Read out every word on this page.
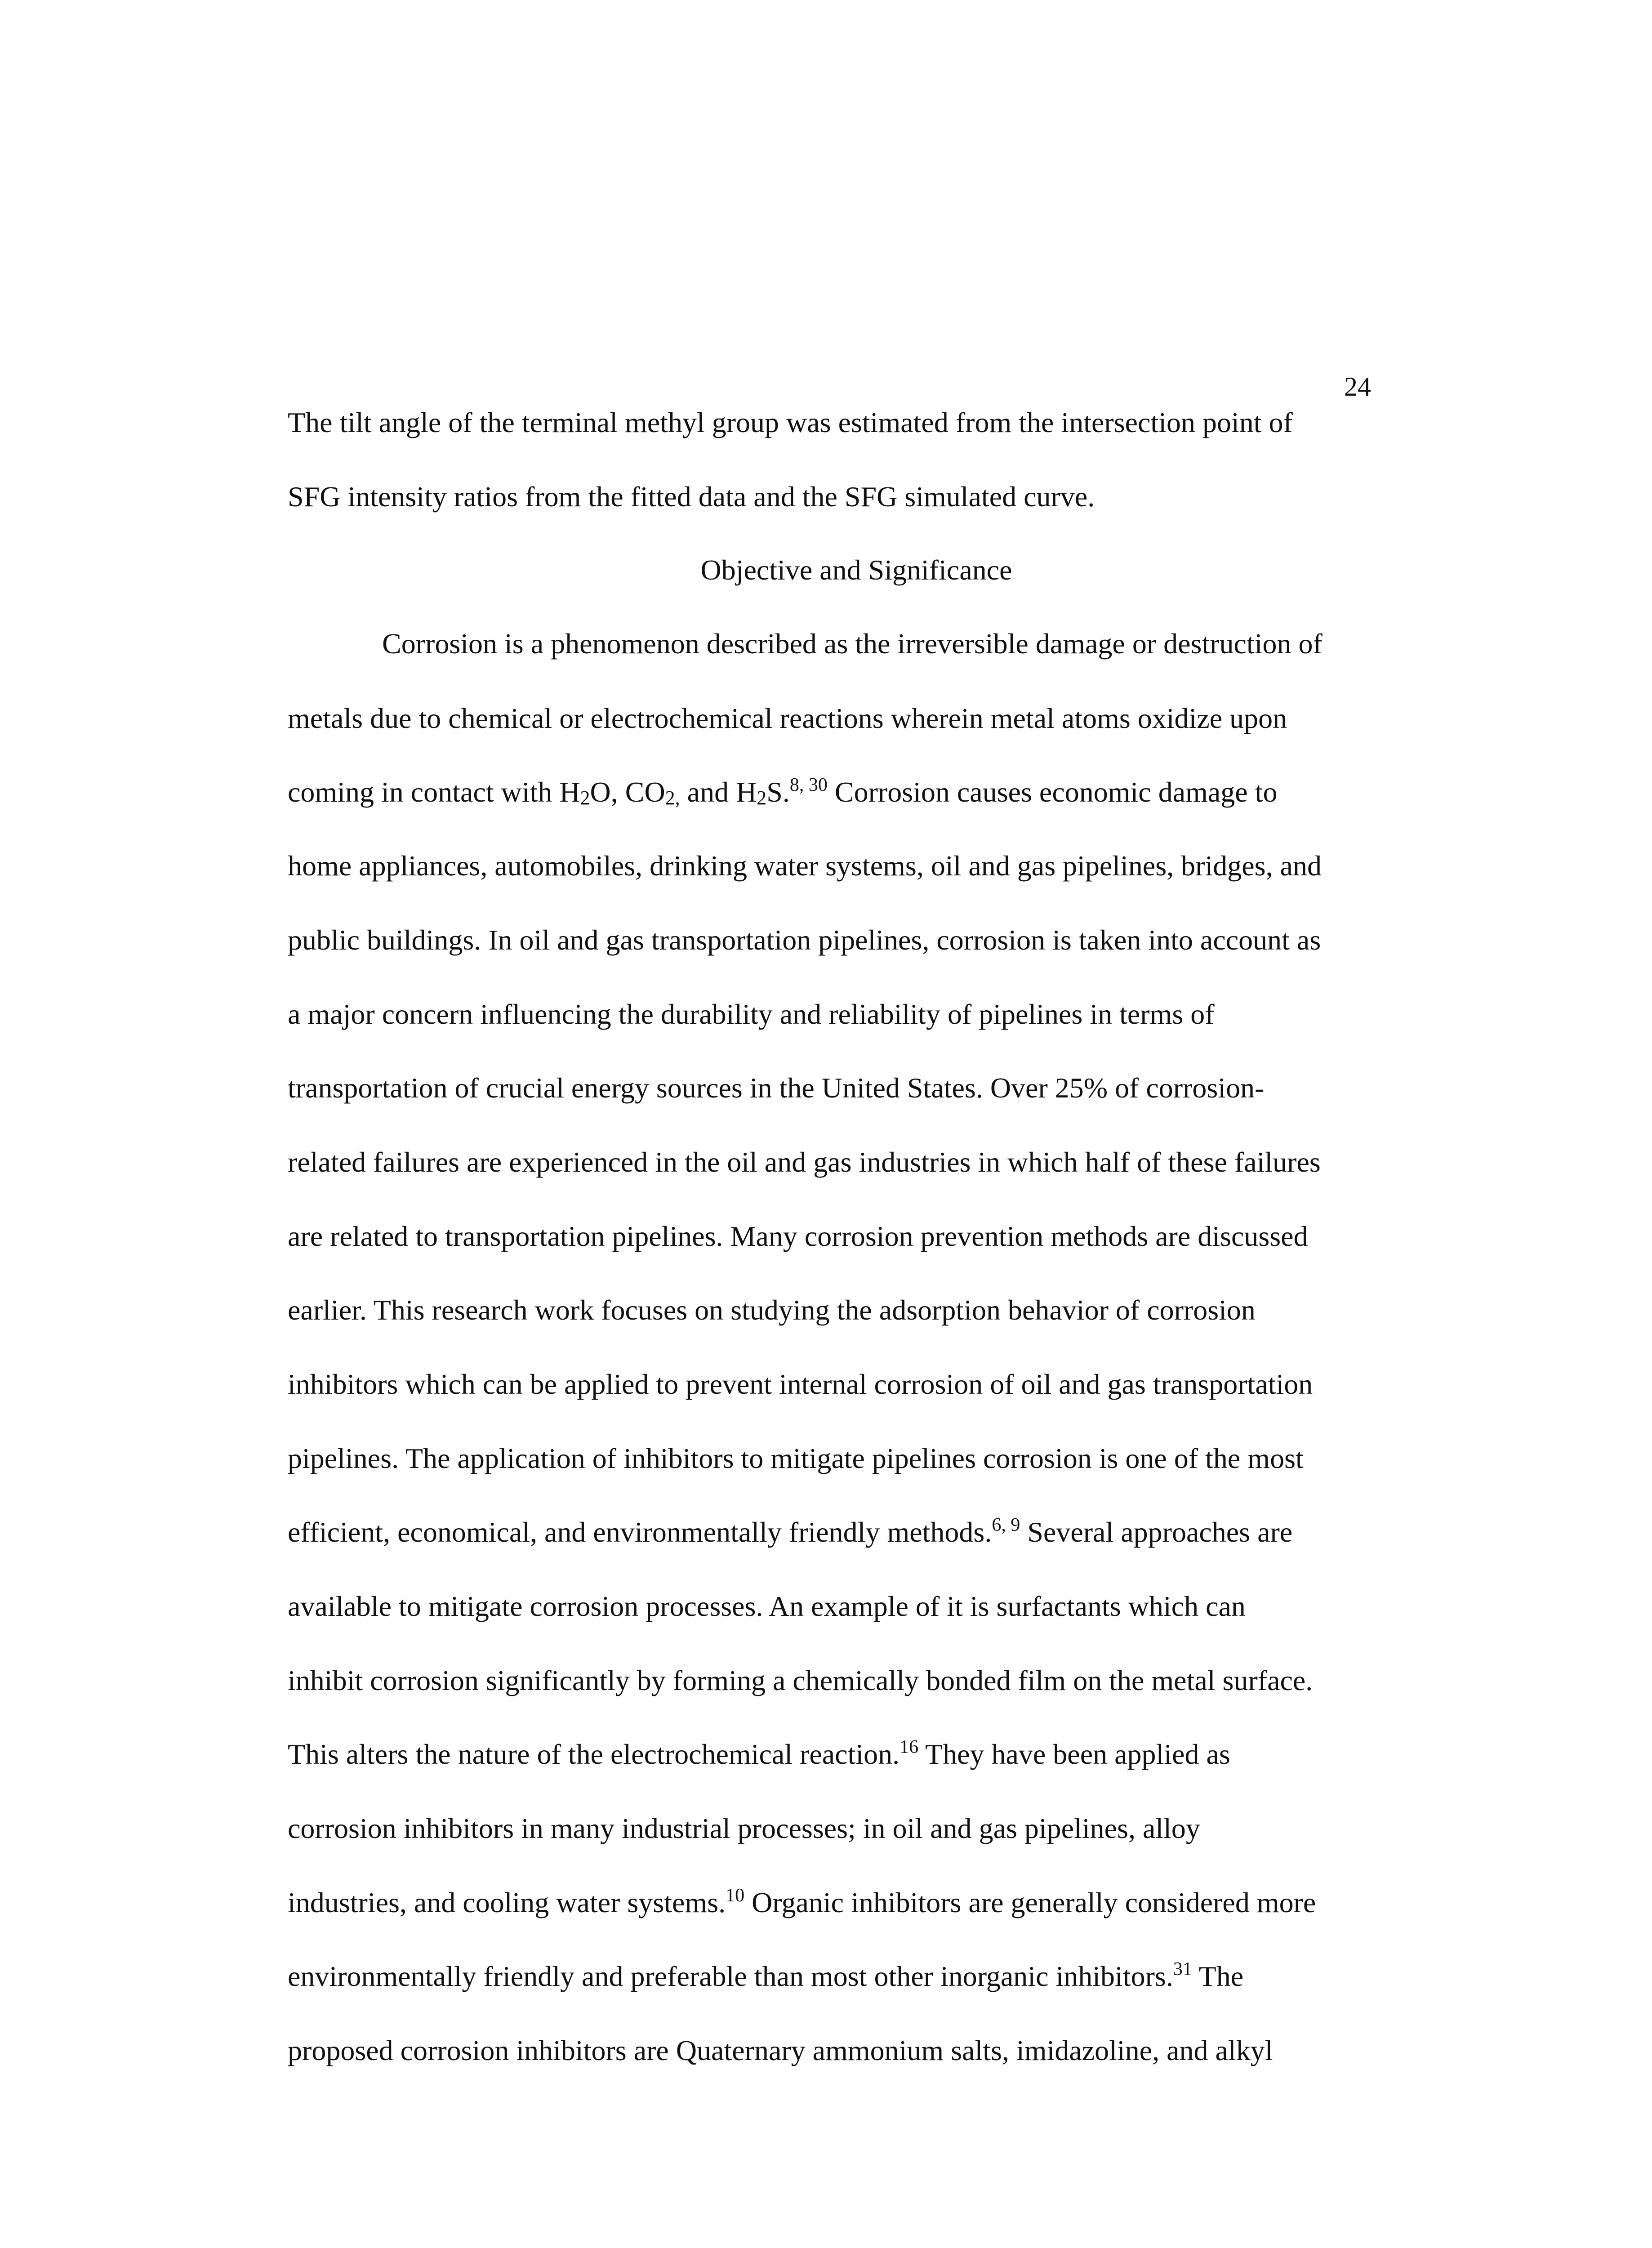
24
The tilt angle of the terminal methyl group was estimated from the intersection point of
SFG intensity ratios from the fitted data and the SFG simulated curve.
Objective and Significance
Corrosion is a phenomenon described as the irreversible damage or destruction of
metals due to chemical or electrochemical reactions wherein metal atoms oxidize upon
coming in contact with $H_2O$, $CO_{2,}$ and $H_2S.^{8, 30}$ Corrosion causes economic damage to
home appliances, automobiles, drinking water systems, oil and gas pipelines, bridges, and
public buildings. In oil and gas transportation pipelines, corrosion is taken into account as
a major concern influencing the durability and reliability of pipelines in terms of
transportation of crucial energy sources in the United States. Over 25% of corrosion-
related failures are experienced in the oil and gas industries in which half of these failures
are related to transportation pipelines. Many corrosion prevention methods are discussed
earlier. This research work focuses on studying the adsorption behavior of corrosion
inhibitors which can be applied to prevent internal corrosion of oil and gas transportation
pipelines. The application of inhibitors to mitigate pipelines corrosion is one of the most
efficient, economical, and environmentally friendly methods.$^{6, 9}$ Several approaches are
available to mitigate corrosion processes. An example of it is surfactants which can
inhibit corrosion significantly by forming a chemically bonded film on the metal surface.
This alters the nature of the electrochemical reaction.$^{16}$ They have been applied as
corrosion inhibitors in many industrial processes; in oil and gas pipelines, alloy
industries, and cooling water systems.$^{10}$ Organic inhibitors are generally considered more
environmentally friendly and preferable than most other inorganic inhibitors.$^{31}$ The
proposed corrosion inhibitors are Quaternary ammonium salts, imidazoline, and alkyl
